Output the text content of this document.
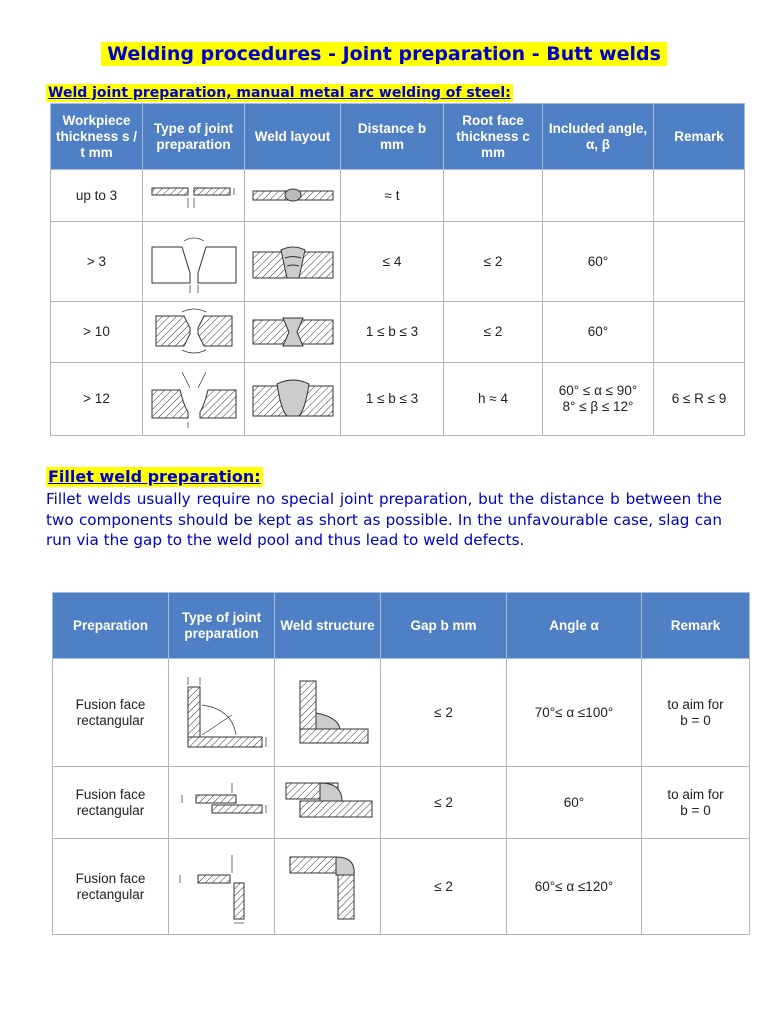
Welding procedures - Joint preparation - Butt welds
Weld joint preparation, manual metal arc welding of steel:
Workpiece thickness s / t mm	Type of joint preparation	Weld layout	Distance b mm	Root face thickness c mm	Included angle, α, β	Remark
up to 3			≈ t			
> 3			≤ 4	≤ 2	60°	
> 10			1 ≤ b ≤ 3	≤ 2	60°	
> 12			1 ≤ b ≤ 3	h ≈ 4	60° ≤ α ≤ 90°
8° ≤ β ≤ 12°	6 ≤ R ≤ 9
Fillet weld preparation:
Fillet welds usually require no special joint preparation, but the distance b between the two components should be kept as short as possible. In the unfavourable case, slag can run via the gap to the weld pool and thus lead to weld defects.
Preparation	Type of joint preparation	Weld structure	Gap b mm	Angle α	Remark
Fusion face rectangular			≤ 2	70°≤ α ≤100°	to aim for
b = 0
Fusion face rectangular			≤ 2	60°	to aim for
b = 0
Fusion face rectangular			≤ 2	60°≤ α ≤120°	
